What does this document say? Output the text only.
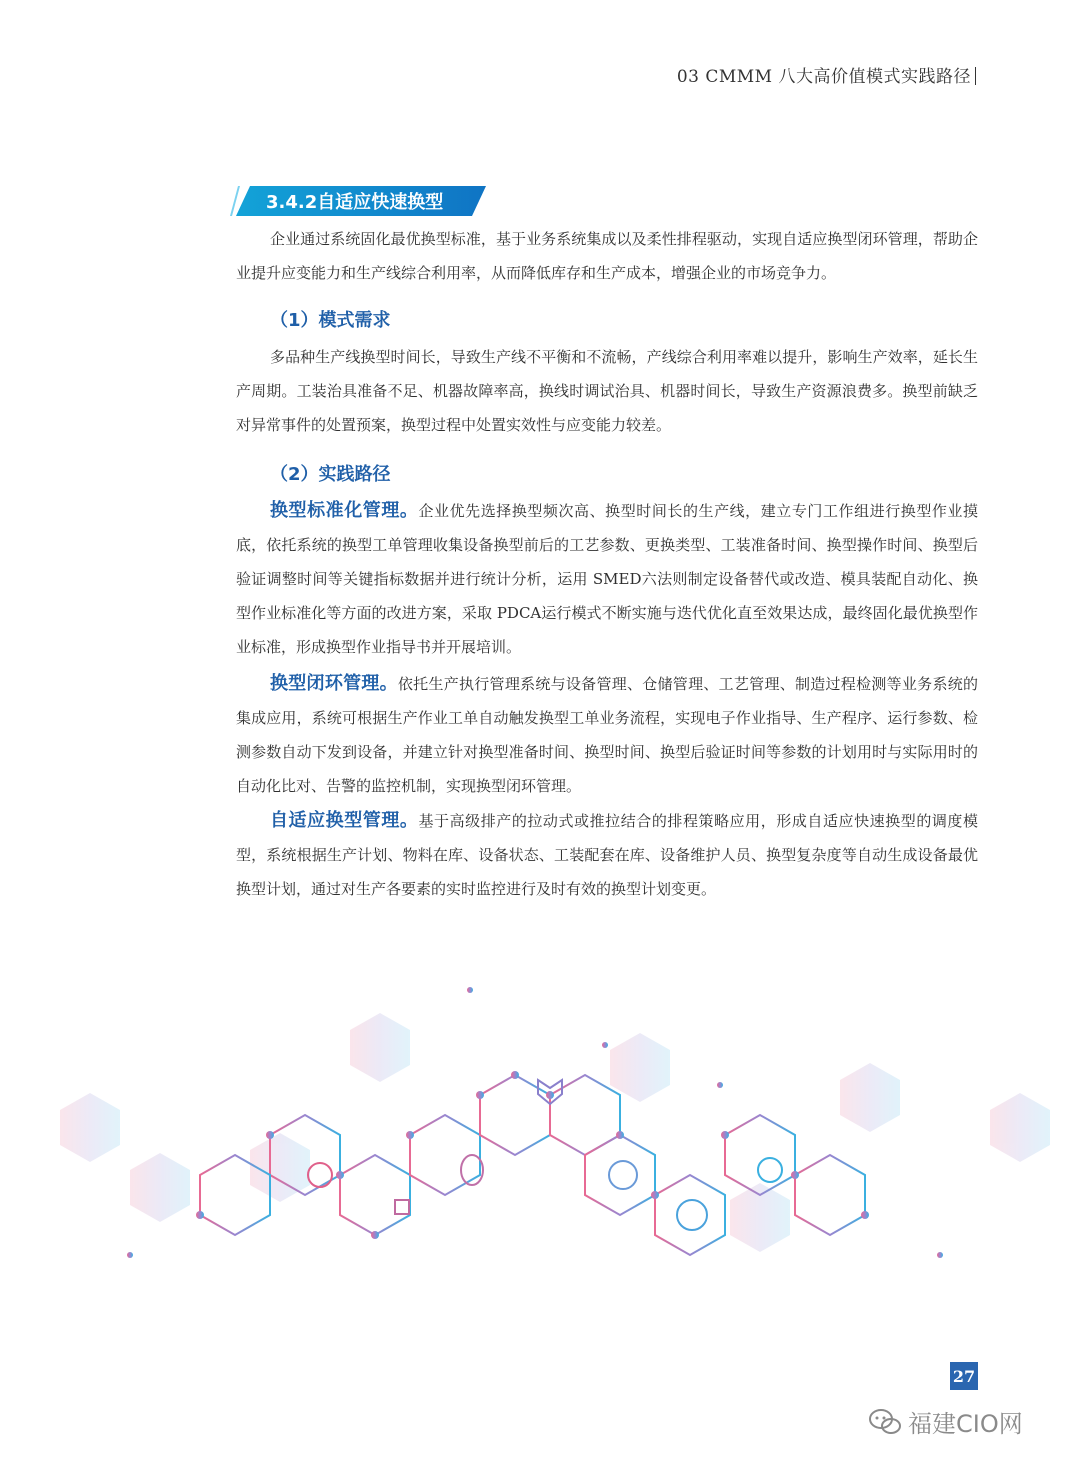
03 CMMM 八大高价值模式实践路径
3.4.2自适应快速换型

企业通过系统固化最优换型标准，基于业务系统集成以及柔性排程驱动，实现自适应换型闭环管理，帮助企业提升应变能力和生产线综合利用率，从而降低库存和生产成本，增强企业的市场竞争力。

（1）模式需求

多品种生产线换型时间长，导致生产线不平衡和不流畅，产线综合利用率难以提升，影响生产效率，延长生产周期。工装治具准备不足、机器故障率高，换线时调试治具、机器时间长，导致生产资源浪费多。换型前缺乏对异常事件的处置预案，换型过程中处置实效性与应变能力较差。

（2）实践路径

换型标准化管理。企业优先选择换型频次高、换型时间长的生产线，建立专门工作组进行换型作业摸底，依托系统的换型工单管理收集设备换型前后的工艺参数、更换类型、工装准备时间、换型操作时间、换型后验证调整时间等关键指标数据并进行统计分析，运用 SMED六法则制定设备替代或改造、模具装配自动化、换型作业标准化等方面的改进方案，采取 PDCA运行模式不断实施与迭代优化直至效果达成，最终固化最优换型作业标准，形成换型作业指导书并开展培训。

换型闭环管理。依托生产执行管理系统与设备管理、仓储管理、工艺管理、制造过程检测等业务系统的集成应用，系统可根据生产作业工单自动触发换型工单业务流程，实现电子作业指导、生产程序、运行参数、检测参数自动下发到设备，并建立针对换型准备时间、换型时间、换型后验证时间等参数的计划用时与实际用时的自动化比对、告警的监控机制，实现换型闭环管理。

自适应换型管理。基于高级排产的拉动式或推拉结合的排程策略应用，形成自适应快速换型的调度模型，系统根据生产计划、物料在库、设备状态、工装配套在库、设备维护人员、换型复杂度等自动生成设备最优换型计划，通过对生产各要素的实时监控进行及时有效的换型计划变更。

27
福建CIO网
